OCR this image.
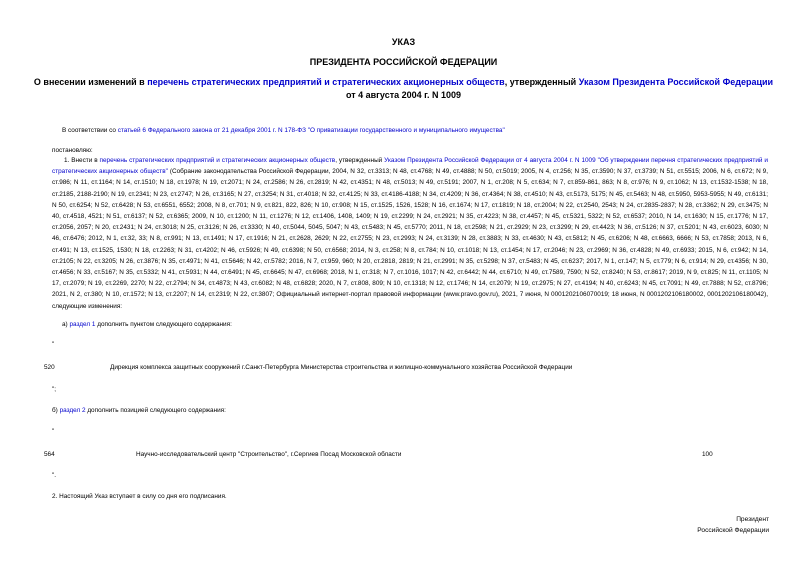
УКАЗ
ПРЕЗИДЕНТА РОССИЙСКОЙ ФЕДЕРАЦИИ
О внесении изменений в перечень стратегических предприятий и стратегических акционерных обществ, утвержденный Указом Президента Российской Федерации от 4 августа 2004 г. N 1009
В соответствии со статьей 6 Федерального закона от 21 декабря 2001 г. N 178-ФЗ "О приватизации государственного и муниципального имущества"
постановляю:
1. Внести в перечень стратегических предприятий и стратегических акционерных обществ, утвержденный Указом Президента Российской Федерации от 4 августа 2004 г. N 1009 "Об утверждении перечня стратегических предприятий и стратегических акционерных обществ" (Собрание законодательства Российской Федерации, 2004, N 32, ст.3313; N 48, ст.4768; N 49, ст.4888; N 50, ст.5019; 2005, N 4, ст.256; N 35, ст.3590; N 37, ст.3739; N 51, ст.5515; 2006, N 6, ст.672; N 9, ст.986; N 11, ст.1164; N 14, ст.1510; N 18, ст.1978; N 19, ст.2071; N 24, ст.2586; N 26, ст.2819; N 42, ст.4351; N 48, ст.5013; N 49, ст.5191; 2007, N 1, ст.208; N 5, ст.634; N 7, ст.859-861, 863; N 8, ст.976; N 9, ст.1062; N 13, ст.1532-1538; N 18, ст.2185, 2188-2190; N 19, ст.2341; N 23, ст.2747; N 26, ст.3165; N 27, ст.3254; N 31, ст.4018; N 32, ст.4125; N 33, ст.4186-4188; N 34, ст.4209; N 36, ст.4364; N 38, ст.4510; N 43, ст.5173, 5175; N 45, ст.5463; N 48, ст.5950, 5953-5955; N 49, ст.6131; N 50, ст.6254; N 52, ст.6428; N 53, ст.6551, 6552; 2008, N 8, ст.701; N 9, ст.821, 822, 826; N 10, ст.908; N 15, ст.1525, 1526, 1528; N 16, ст.1674; N 17, ст.1819; N 18, ст.2004; N 22, ст.2540, 2543; N 24, ст.2835-2837; N 28, ст.3362; N 29, ст.3475; N 40, ст.4518, 4521; N 51, ст.6137; N 52, ст.6365; 2009, N 10, ст.1200; N 11, ст.1276; N 12, ст.1406, 1408, 1409; N 19, ст.2299; N 24, ст.2921; N 35, ст.4223; N 38, ст.4457; N 45, ст.5321, 5322; N 52, ст.6537; 2010, N 14, ст.1630; N 15, ст.1776; N 17, ст.2056, 2057; N 20, ст.2431; N 24, ст.3018; N 25, ст.3126; N 26, ст.3330; N 40, ст.5044, 5045, 5047; N 43, ст.5483; N 45, ст.5770; 2011, N 18, ст.2598; N 21, ст.2929; N 23, ст.3299; N 29, ст.4423; N 36, ст.5126; N 37, ст.5201; N 43, ст.6023, 6030; N 46, ст.6476; 2012, N 1, ст.32, 33; N 8, ст.991; N 13, ст.1491; N 17, ст.1916; N 21, ст.2628, 2629; N 22, ст.2755; N 23, ст.2993; N 24, ст.3139; N 28, ст.3883; N 33, ст.4630; N 43, ст.5812; N 45, ст.6206; N 48, ст.6663, 6666; N 53, ст.7858; 2013, N 6, ст.491; N 13, ст.1525, 1530; N 18, ст.2263; N 31, ст.4202; N 46, ст.5926; N 49, ст.6398; N 50, ст.6568; 2014, N 3, ст.258; N 8, ст.784; N 10, ст.1018; N 13, ст.1454; N 17, ст.2046; N 23, ст.2969; N 36, ст.4828; N 49, ст.6933; 2015, N 6, ст.942; N 14, ст.2105; N 22, ст.3205; N 26, ст.3876; N 35, ст.4971; N 41, ст.5646; N 42, ст.5782; 2016, N 7, ст.959, 960; N 20, ст.2818, 2819; N 21, ст.2991; N 35, ст.5298; N 37, ст.5483; N 45, ст.6237; 2017, N 1, ст.147; N 5, ст.779; N 6, ст.914; N 29, ст.4356; N 30, ст.4656; N 33, ст.5167; N 35, ст.5332; N 41, ст.5931; N 44, ст.6491; N 45, ст.6645; N 47, ст.6968; 2018, N 1, ст.318; N 7, ст.1016, 1017; N 42, ст.6442; N 44, ст.6710; N 49, ст.7589, 7590; N 52, ст.8240; N 53, ст.8617; 2019, N 9, ст.825; N 11, ст.1105; N 17, ст.2079; N 19, ст.2269, 2270; N 22, ст.2794; N 34, ст.4873; N 43, ст.6082; N 48, ст.6828; 2020, N 7, ст.808, 809; N 10, ст.1318; N 12, ст.1746; N 14, ст.2079; N 19, ст.2975; N 27, ст.4194; N 40, ст.6243; N 45, ст.7091; N 49, ст.7888; N 52, ст.8796; 2021, N 2, ст.380; N 10, ст.1572; N 13, ст.2207; N 14, ст.2319; N 22, ст.3807; Официальный интернет-портал правовой информации (www.pravo.gov.ru), 2021, 7 июня, N 0001202106070019; 18 июня, N 0001202106180002, 0001202106180042), следующие изменения:
а) раздел 1 дополнить пунктом следующего содержания:
"
520	Дирекция комплекса защитных сооружений г.Санкт-Петербурга Министерства строительства и жилищно-коммунального хозяйства Российской Федерации
";
б) раздел 2 дополнить позицией следующего содержания:
"
564	Научно-исследовательский центр "Строительство", г.Сергиев Посад Московской области	100
".
2. Настоящий Указ вступает в силу со дня его подписания.
Президент
Российской Федерации
